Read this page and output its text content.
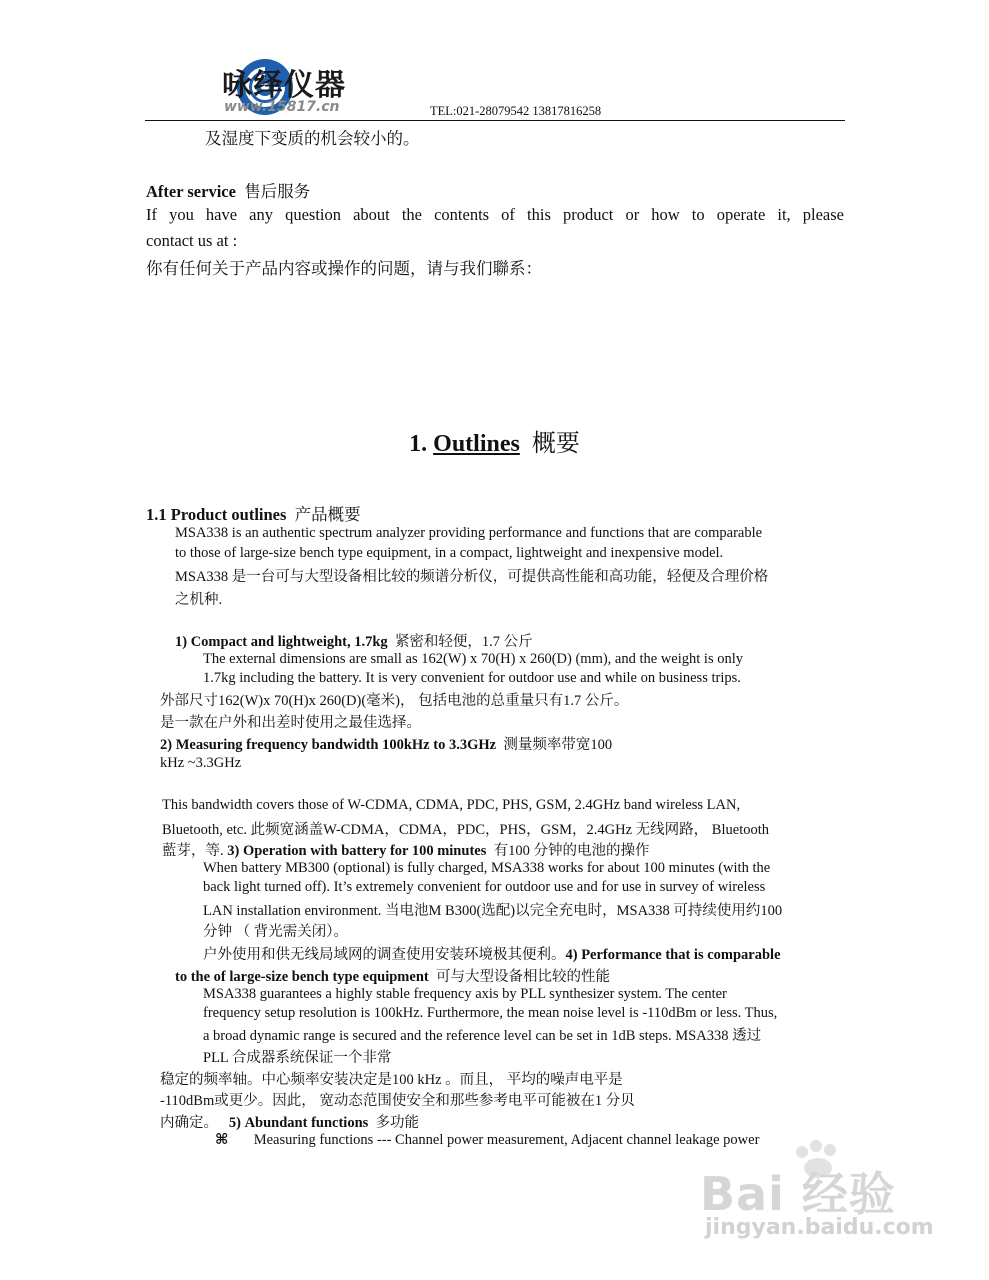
咏绎仪器
www.15817.cn	TEL:021-28079542 13817816258
及湿度下变质的机会较小的。
After service 售后服务
If you have any question about the contents of this product or how to operate it, please
contact us at :
你有任何关于产品内容或操作的问题，请与我们聯系：
1. Outlines 概要
1.1 Product outlines 产品概要
MSA338 is an authentic spectrum analyzer providing performance and functions that are comparable
to those of large-size bench type equipment, in a compact, lightweight and inexpensive model.
MSA338 是一台可与大型设备相比较的频谱分析仪，可提供高性能和高功能，轻便及合理价格
之机种.
1) Compact and lightweight, 1.7kg 紧密和轻便，1.7 公斤
The external dimensions are small as 162(W) x 70(H) x 260(D) (mm), and the weight is only
1.7kg including the battery. It is very convenient for outdoor use and while on business trips.
外部尺寸162(W)x 70(H)x 260(D)(毫米)， 包括电池的总重量只有1.7 公斤。
是一款在户外和出差时使用之最佳选择。
2) Measuring frequency bandwidth 100kHz to 3.3GHz 测量频率带宽100
kHz ~3.3GHz
This bandwidth covers those of W-CDMA, CDMA, PDC, PHS, GSM, 2.4GHz band wireless LAN,
Bluetooth, etc. 此频宽涵盖W-CDMA，CDMA，PDC，PHS，GSM，2.4GHz 无线网路， Bluetooth
藍芽，等. 3) Operation with battery for 100 minutes 有100 分钟的电池的操作
When battery MB300 (optional) is fully charged, MSA338 works for about 100 minutes (with the
back light turned off). It’s extremely convenient for outdoor use and for use in survey of wireless
LAN installation environment. 当电池M B300(选配)以完全充电时，MSA338 可持续使用约100
分钟 （ 背光需关闭）。
户外使用和供无线局域网的调查使用安装环境极其便利。4) Performance that is comparable
to the of large-size bench type equipment 可与大型设备相比较的性能
MSA338 guarantees a highly stable frequency axis by PLL synthesizer system. The center
frequency setup resolution is 100kHz. Furthermore, the mean noise level is -110dBm or less. Thus,
a broad dynamic range is secured and the reference level can be set in 1dB steps. MSA338 透过
PLL 合成器系统保证一个非常
稳定的频率轴。中心频率安装决定是100 kHz 。而且， 平均的噪声电平是
-110dBm或更少。因此， 宽动态范围使安全和那些参考电平可能被在1 分贝
内确定。 5) Abundant functions 多功能
⌘ Measuring functions --- Channel power measurement, Adjacent channel leakage power
Bai 经验
jingyan.baidu.com
